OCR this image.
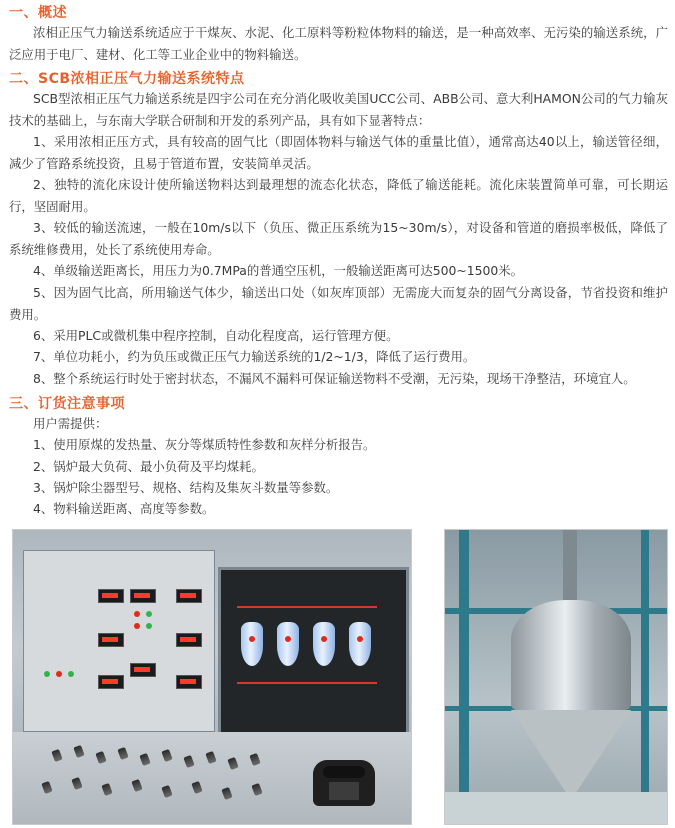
一、概述

浓相正压气力输送系统适应于干煤灰、水泥、化工原料等粉粒体物料的输送，是一种高效率、无污染的输送系统，广泛应用于电厂、建材、化工等工业企业中的物料输送。

二、SCB浓相正压气力输送系统特点

SCB型浓相正压气力输送系统是四宇公司在充分消化吸收美国UCC公司、ABB公司、意大利HAMON公司的气力输灰技术的基础上，与东南大学联合研制和开发的系列产品，具有如下显著特点：

1、采用浓相正压方式，具有较高的固气比（即固体物料与输送气体的重量比值），通常高达40以上，输送管径细，减少了管路系统投资，且易于管道布置，安装简单灵活。

2、独特的流化床设计使所输送物料达到最理想的流态化状态，降低了输送能耗。流化床装置简单可靠，可长期运行，坚固耐用。

3、较低的输送流速，一般在10m/s以下（负压、微正压系统为15~30m/s），对设备和管道的磨损率极低，降低了系统维修费用，处长了系统使用寿命。

4、单级输送距离长，用压力为0.7MPa的普通空压机，一般输送距离可达500~1500米。

5、因为固气比高，所用输送气体少，输送出口处（如灰库顶部）无需庞大而复杂的固气分离设备，节省投资和维护费用。

6、采用PLC或微机集中程序控制，自动化程度高，运行管理方便。

7、单位功耗小，约为负压或微正压气力输送系统的1/2~1/3，降低了运行费用。

8、整个系统运行时处于密封状态，不漏风不漏料可保证输送物料不受潮，无污染，现场干净整洁，环境宜人。

三、订货注意事项

用户需提供：

1、使用原煤的发热量、灰分等煤质特性参数和灰样分析报告。

2、锅炉最大负荷、最小负荷及平均煤耗。

3、锅炉除尘器型号、规格、结构及集灰斗数量等参数。

4、物料输送距离、高度等参数。
